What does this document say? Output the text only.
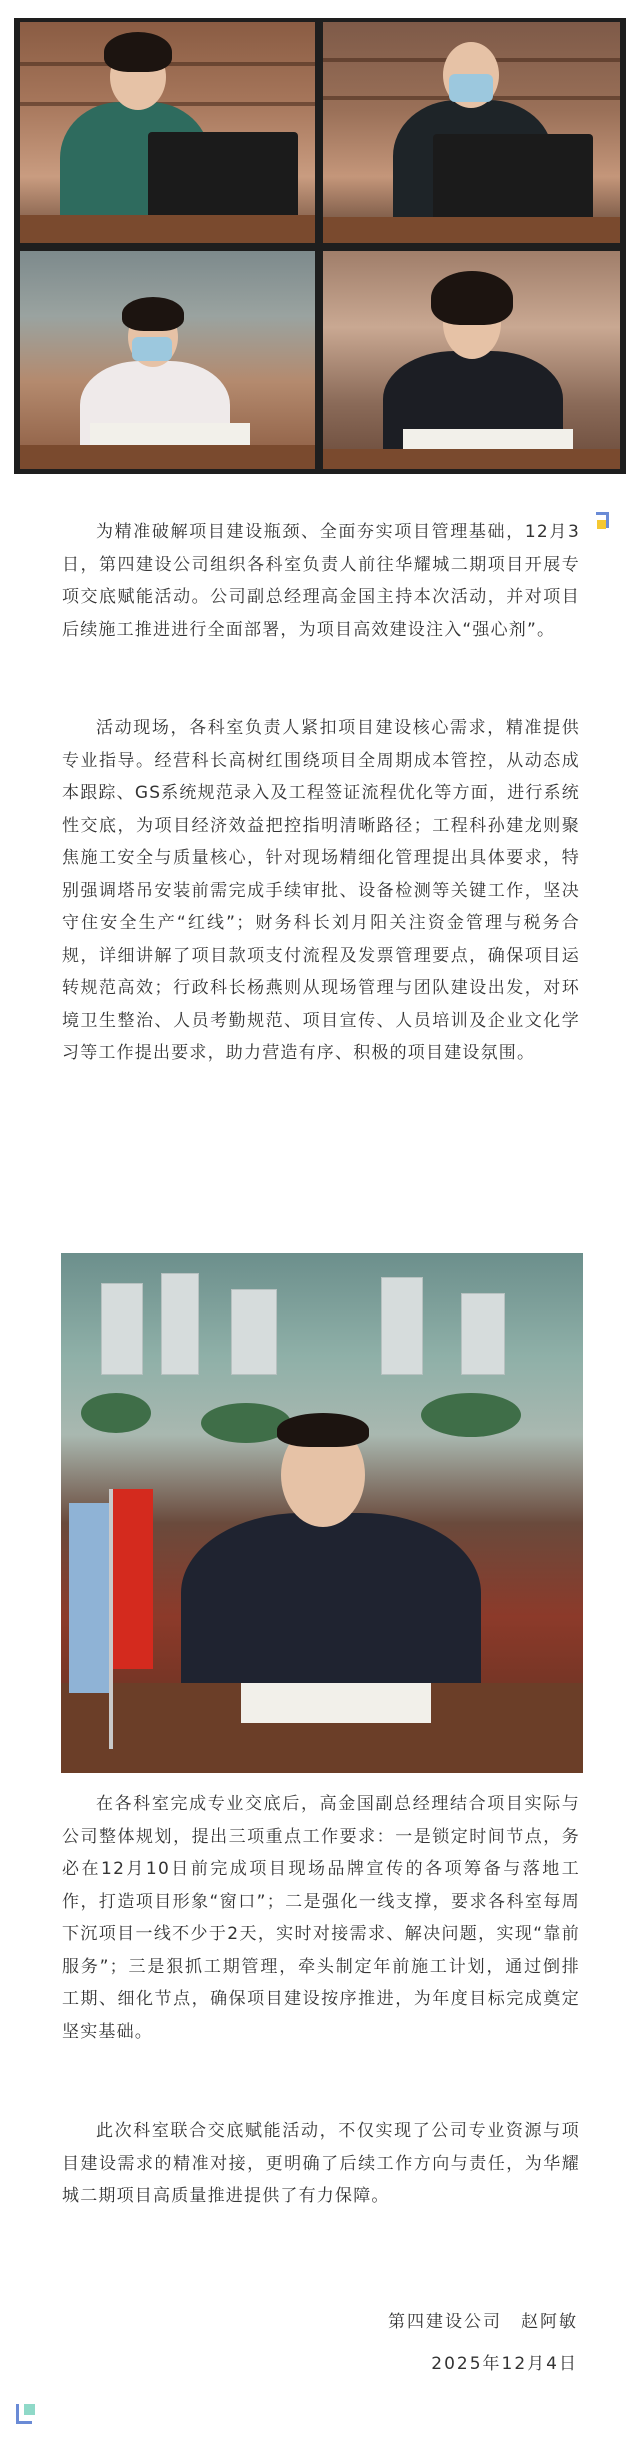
为精准破解项目建设瓶颈、全面夯实项目管理基础，12月3日，第四建设公司组织各科室负责人前往华耀城二期项目开展专项交底赋能活动。公司副总经理高金国主持本次活动，并对项目后续施工推进进行全面部署，为项目高效建设注入“强心剂”。

活动现场，各科室负责人紧扣项目建设核心需求，精准提供专业指导。经营科长高树红围绕项目全周期成本管控，从动态成本跟踪、GS系统规范录入及工程签证流程优化等方面，进行系统性交底，为项目经济效益把控指明清晰路径；工程科孙建龙则聚焦施工安全与质量核心，针对现场精细化管理提出具体要求，特别强调塔吊安装前需完成手续审批、设备检测等关键工作，坚决守住安全生产“红线”；财务科长刘月阳关注资金管理与税务合规，详细讲解了项目款项支付流程及发票管理要点，确保项目运转规范高效；行政科长杨燕则从现场管理与团队建设出发，对环境卫生整治、人员考勤规范、项目宣传、人员培训及企业文化学习等工作提出要求，助力营造有序、积极的项目建设氛围。

在各科室完成专业交底后，高金国副总经理结合项目实际与公司整体规划，提出三项重点工作要求：一是锁定时间节点，务必在12月10日前完成项目现场品牌宣传的各项筹备与落地工作，打造项目形象“窗口”；二是强化一线支撑，要求各科室每周下沉项目一线不少于2天，实时对接需求、解决问题，实现“靠前服务”；三是狠抓工期管理，牵头制定年前施工计划，通过倒排工期、细化节点，确保项目建设按序推进，为年度目标完成奠定坚实基础。

此次科室联合交底赋能活动，不仅实现了公司专业资源与项目建设需求的精准对接，更明确了后续工作方向与责任，为华耀城二期项目高质量推进提供了有力保障。

第四建设公司　赵阿敏
2025年12月4日
